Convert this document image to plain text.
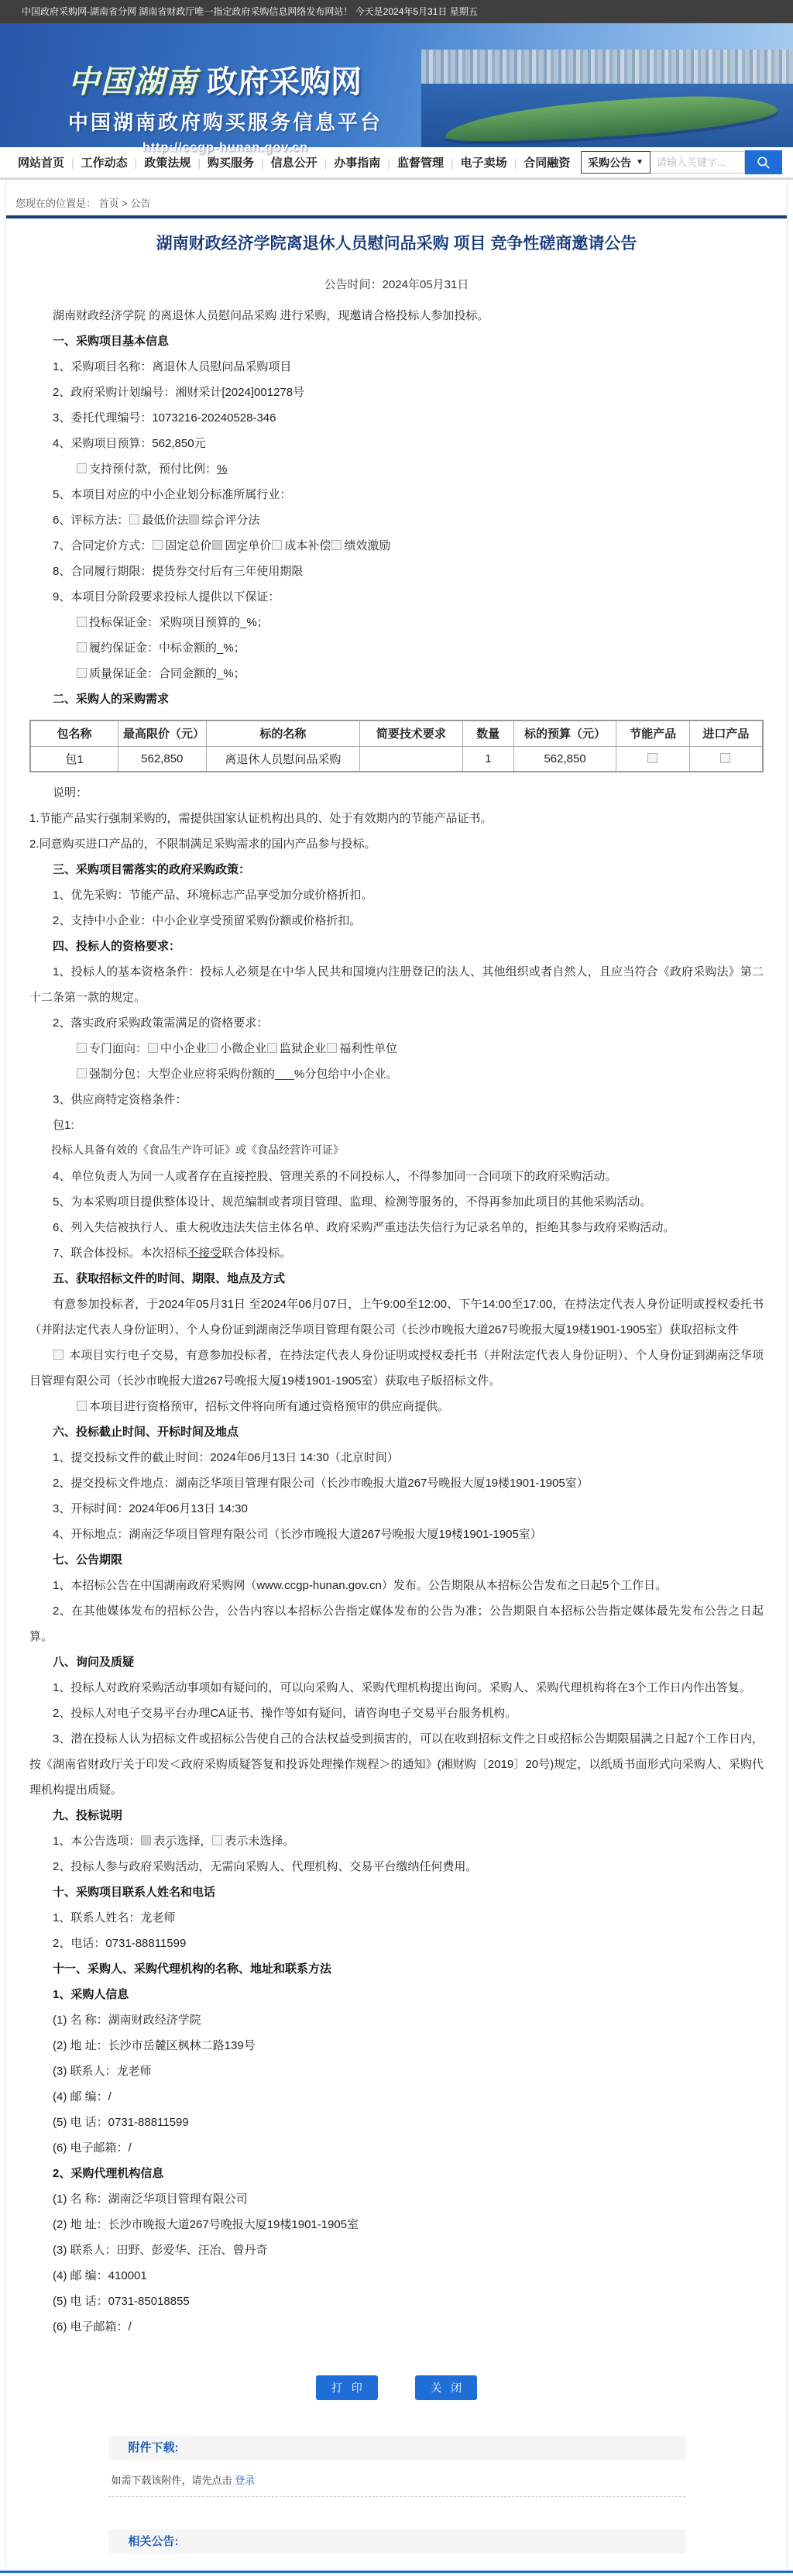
中国政府采购网-湖南省分网 湖南省财政厅唯一指定政府采购信息网络发布网站！ 今天是2024年5月31日 星期五
中国湖南 政府采购网
中国湖南政府购买服务信息平台
http://ccgp-hunan.gov.cn
网站首页 | 工作动态 | 政策法规 | 购买服务 | 信息公开 | 办事指南 | 监督管理 | 电子卖场 | 合同融资	采购公告 ▼
请输入关键字...
您现在的位置是： 首页 > 公告
湖南财政经济学院离退休人员慰问品采购 项目 竞争性磋商邀请公告
公告时间：2024年05月31日

湖南财政经济学院 的离退休人员慰问品采购 进行采购，现邀请合格投标人参加投标。

一、采购项目基本信息

1、采购项目名称：离退休人员慰问品采购项目

2、政府采购计划编号：湘财采计[2024]001278号

3、委托代理编号：1073216-20240528-346

4、采购项目预算：562,850元

支持预付款，预付比例：%

5、本项目对应的中小企业划分标准所属行业：

6、评标方法： 最低价法 ✓ 综合评分法

7、合同定价方式： 固定总价 ✓ 固定单价 成本补偿 绩效激励

8、合同履行期限：提货券交付后有三年使用期限

9、本项目分阶段要求投标人提供以下保证：

投标保证金：采购项目预算的_%；

履约保证金：中标金额的_%；

质量保证金：合同金额的_%；

二、采购人的采购需求

包名称	最高限价（元）	标的名称	简要技术要求	数量	标的预算（元）	节能产品	进口产品
包1	562,850	离退休人员慰问品采购		1	562,850		

说明：

1.节能产品实行强制采购的，需提供国家认证机构出具的、处于有效期内的节能产品证书。

2.同意购买进口产品的，不限制满足采购需求的国内产品参与投标。

三、采购项目需落实的政府采购政策：

1、优先采购：节能产品、环境标志产品享受加分或价格折扣。

2、支持中小企业：中小企业享受预留采购份额或价格折扣。

四、投标人的资格要求：

1、投标人的基本资格条件：投标人必须是在中华人民共和国境内注册登记的法人、其他组织或者自然人，且应当符合《政府采购法》第二十二条第一款的规定。

2、落实政府采购政策需满足的资格要求：

专门面向： 中小企业 小微企业 监狱企业 福利性单位

强制分包：大型企业应将采购份额的___%分包给中小企业。

3、供应商特定资格条件：

包1:

投标人具备有效的《食品生产许可证》或《食品经营许可证》

4、单位负责人为同一人或者存在直接控股、管理关系的不同投标人，不得参加同一合同项下的政府采购活动。

5、为本采购项目提供整体设计、规范编制或者项目管理、监理、检测等服务的，不得再参加此项目的其他采购活动。

6、列入失信被执行人、重大税收违法失信主体名单、政府采购严重违法失信行为记录名单的，拒绝其参与政府采购活动。

7、联合体投标。本次招标不接受联合体投标。

五、获取招标文件的时间、期限、地点及方式

有意参加投标者，于2024年05月31日 至2024年06月07日，上午9:00至12:00、下午14:00至17:00，在持法定代表人身份证明或授权委托书（并附法定代表人身份证明）、个人身份证到湖南泛华项目管理有限公司（长沙市晚报大道267号晚报大厦19楼1901-1905室）获取招标文件

本项目实行电子交易，有意参加投标者，在持法定代表人身份证明或授权委托书（并附法定代表人身份证明）、个人身份证到湖南泛华项目管理有限公司（长沙市晚报大道267号晚报大厦19楼1901-1905室）获取电子版招标文件。

本项目进行资格预审，招标文件将向所有通过资格预审的供应商提供。

六、投标截止时间、开标时间及地点

1、提交投标文件的截止时间：2024年06月13日 14:30（北京时间）

2、提交投标文件地点：湖南泛华项目管理有限公司（长沙市晚报大道267号晚报大厦19楼1901-1905室）

3、开标时间：2024年06月13日 14:30

4、开标地点：湖南泛华项目管理有限公司（长沙市晚报大道267号晚报大厦19楼1901-1905室）

七、公告期限

1、本招标公告在中国湖南政府采购网（www.ccgp-hunan.gov.cn）发布。公告期限从本招标公告发布之日起5个工作日。

2、在其他媒体发布的招标公告，公告内容以本招标公告指定媒体发布的公告为准；公告期限自本招标公告指定媒体最先发布公告之日起算。

八、询问及质疑

1、投标人对政府采购活动事项如有疑问的，可以向采购人、采购代理机构提出询问。采购人、采购代理机构将在3个工作日内作出答复。

2、投标人对电子交易平台办理CA证书、操作等如有疑问，请咨询电子交易平台服务机构。

3、潜在投标人认为招标文件或招标公告使自己的合法权益受到损害的，可以在收到招标文件之日或招标公告期限届满之日起7个工作日内，按《湖南省财政厅关于印发＜政府采购质疑答复和投诉处理操作规程＞的通知》(湘财购〔2019〕20号)规定，以纸质书面形式向采购人、采购代理机构提出质疑。

九、投标说明

1、本公告选项： ✓ 表示选择， 表示未选择。

2、投标人参与政府采购活动，无需向采购人、代理机构、交易平台缴纳任何费用。

十、采购项目联系人姓名和电话

1、联系人姓名：龙老师

2、电话：0731-88811599

十一、采购人、采购代理机构的名称、地址和联系方法

1、采购人信息

(1) 名 称：湖南财政经济学院

(2) 地 址：长沙市岳麓区枫林二路139号

(3) 联系人：龙老师

(4) 邮 编：/

(5) 电 话：0731-88811599

(6) 电子邮箱：/

2、采购代理机构信息

(1) 名 称：湖南泛华项目管理有限公司

(2) 地 址：长沙市晚报大道267号晚报大厦19楼1901-1905室

(3) 联系人：田野、彭爱华、汪冶、曾丹奇

(4) 邮 编：410001

(5) 电 话：0731-85018855

(6) 电子邮箱：/

打 印	关 闭
附件下载:
如需下载该附件，请先点击 登录
相关公告:
